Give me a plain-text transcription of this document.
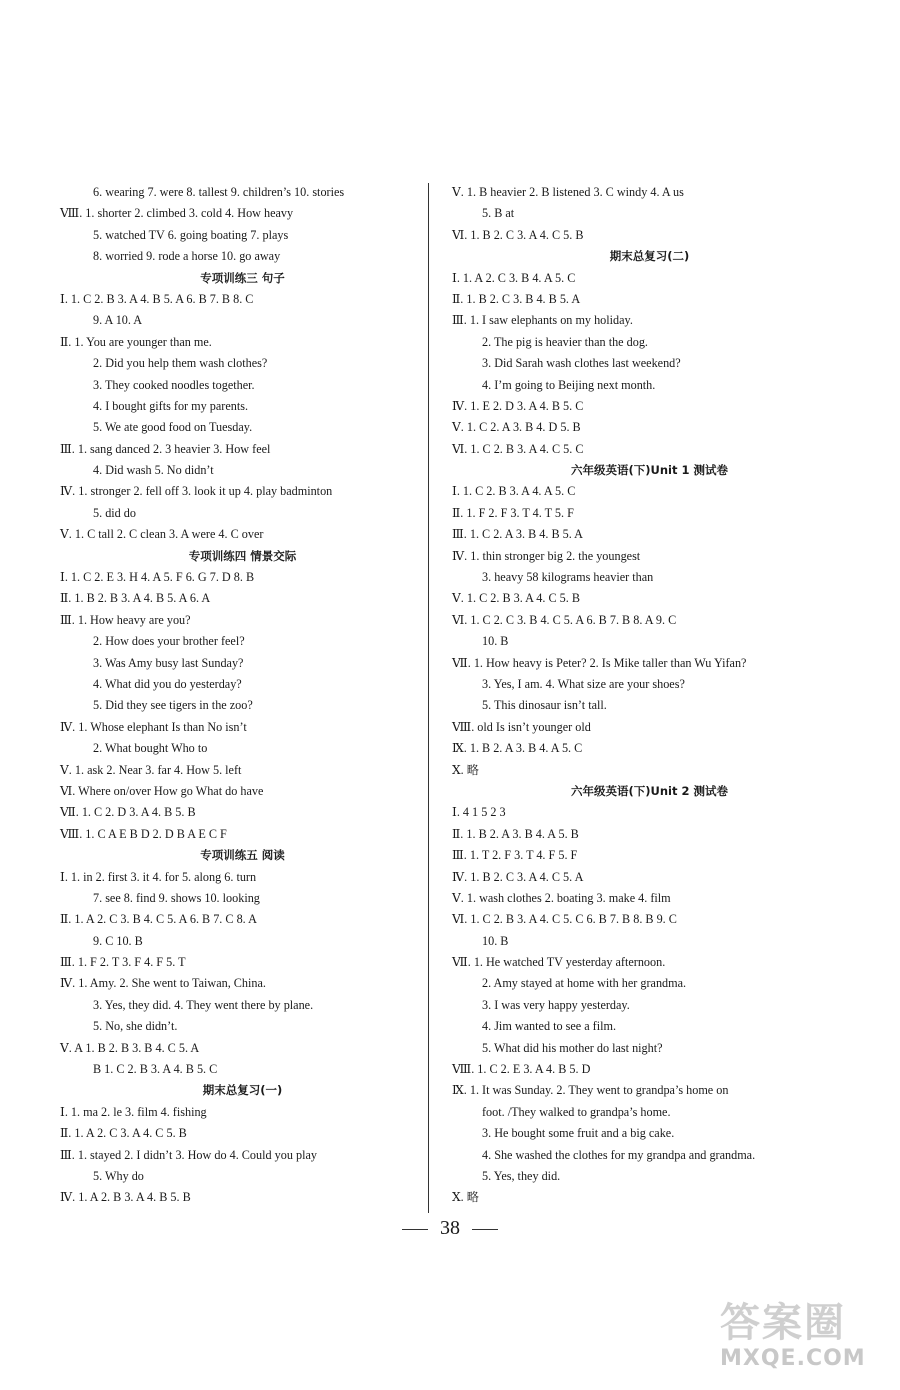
6. wearing 7. were 8. tallest 9. children’s 10. stories
Ⅷ. 1. shorter 2. climbed 3. cold 4. How heavy
5. watched TV 6. going boating 7. plays
8. worried 9. rode a horse 10. go away
专项训练三 句子
Ⅰ. 1. C 2. B 3. A 4. B 5. A 6. B 7. B 8. C
9. A 10. A
Ⅱ. 1. You are younger than me.
2. Did you help them wash clothes?
3. They cooked noodles together.
4. I bought gifts for my parents.
5. We ate good food on Tuesday.
Ⅲ. 1. sang danced 2. 3 heavier 3. How feel
4. Did wash 5. No didn’t
Ⅳ. 1. stronger 2. fell off 3. look it up 4. play badminton
5. did do
Ⅴ. 1. C tall 2. C clean 3. A were 4. C over
专项训练四 情景交际
Ⅰ. 1. C 2. E 3. H 4. A 5. F 6. G 7. D 8. B
Ⅱ. 1. B 2. B 3. A 4. B 5. A 6. A
Ⅲ. 1. How heavy are you?
2. How does your brother feel?
3. Was Amy busy last Sunday?
4. What did you do yesterday?
5. Did they see tigers in the zoo?
Ⅳ. 1. Whose elephant Is than No isn’t
2. What bought Who to
Ⅴ. 1. ask 2. Near 3. far 4. How 5. left
Ⅵ. Where on/over How go What do have
Ⅶ. 1. C 2. D 3. A 4. B 5. B
Ⅷ. 1. C A E B D 2. D B A E C F
专项训练五 阅读
Ⅰ. 1. in 2. first 3. it 4. for 5. along 6. turn
7. see 8. find 9. shows 10. looking
Ⅱ. 1. A 2. C 3. B 4. C 5. A 6. B 7. C 8. A
9. C 10. B
Ⅲ. 1. F 2. T 3. F 4. F 5. T
Ⅳ. 1. Amy. 2. She went to Taiwan, China.
3. Yes, they did. 4. They went there by plane.
5. No, she didn’t.
Ⅴ. A 1. B 2. B 3. B 4. C 5. A
B 1. C 2. B 3. A 4. B 5. C
期末总复习(一)
Ⅰ. 1. ma 2. le 3. film 4. fishing
Ⅱ. 1. A 2. C 3. A 4. C 5. B
Ⅲ. 1. stayed 2. I didn’t 3. How do 4. Could you play
5. Why do
Ⅳ. 1. A 2. B 3. A 4. B 5. B
Ⅴ. 1. B heavier 2. B listened 3. C windy 4. A us
5. B at
Ⅵ. 1. B 2. C 3. A 4. C 5. B
期末总复习(二)
Ⅰ. 1. A 2. C 3. B 4. A 5. C
Ⅱ. 1. B 2. C 3. B 4. B 5. A
Ⅲ. 1. I saw elephants on my holiday.
2. The pig is heavier than the dog.
3. Did Sarah wash clothes last weekend?
4. I’m going to Beijing next month.
Ⅳ. 1. E 2. D 3. A 4. B 5. C
Ⅴ. 1. C 2. A 3. B 4. D 5. B
Ⅵ. 1. C 2. B 3. A 4. C 5. C
六年级英语(下)Unit 1 测试卷
Ⅰ. 1. C 2. B 3. A 4. A 5. C
Ⅱ. 1. F 2. F 3. T 4. T 5. F
Ⅲ. 1. C 2. A 3. B 4. B 5. A
Ⅳ. 1. thin stronger big 2. the youngest
3. heavy 58 kilograms heavier than
Ⅴ. 1. C 2. B 3. A 4. C 5. B
Ⅵ. 1. C 2. C 3. B 4. C 5. A 6. B 7. B 8. A 9. C
10. B
Ⅶ. 1. How heavy is Peter? 2. Is Mike taller than Wu Yifan?
3. Yes, I am. 4. What size are your shoes?
5. This dinosaur isn’t tall.
Ⅷ. old Is isn’t younger old
Ⅸ. 1. B 2. A 3. B 4. A 5. C
Ⅹ. 略
六年级英语(下)Unit 2 测试卷
Ⅰ. 4 1 5 2 3
Ⅱ. 1. B 2. A 3. B 4. A 5. B
Ⅲ. 1. T 2. F 3. T 4. F 5. F
Ⅳ. 1. B 2. C 3. A 4. C 5. A
Ⅴ. 1. wash clothes 2. boating 3. make 4. film
Ⅵ. 1. C 2. B 3. A 4. C 5. C 6. B 7. B 8. B 9. C
10. B
Ⅶ. 1. He watched TV yesterday afternoon.
2. Amy stayed at home with her grandma.
3. I was very happy yesterday.
4. Jim wanted to see a film.
5. What did his mother do last night?
Ⅷ. 1. C 2. E 3. A 4. B 5. D
Ⅸ. 1. It was Sunday. 2. They went to grandpa’s home on
foot. /They walked to grandpa’s home.
3. He bought some fruit and a big cake.
4. She washed the clothes for my grandpa and grandma.
5. Yes, they did.
Ⅹ. 略
38
答案圈
MXQE.COM
